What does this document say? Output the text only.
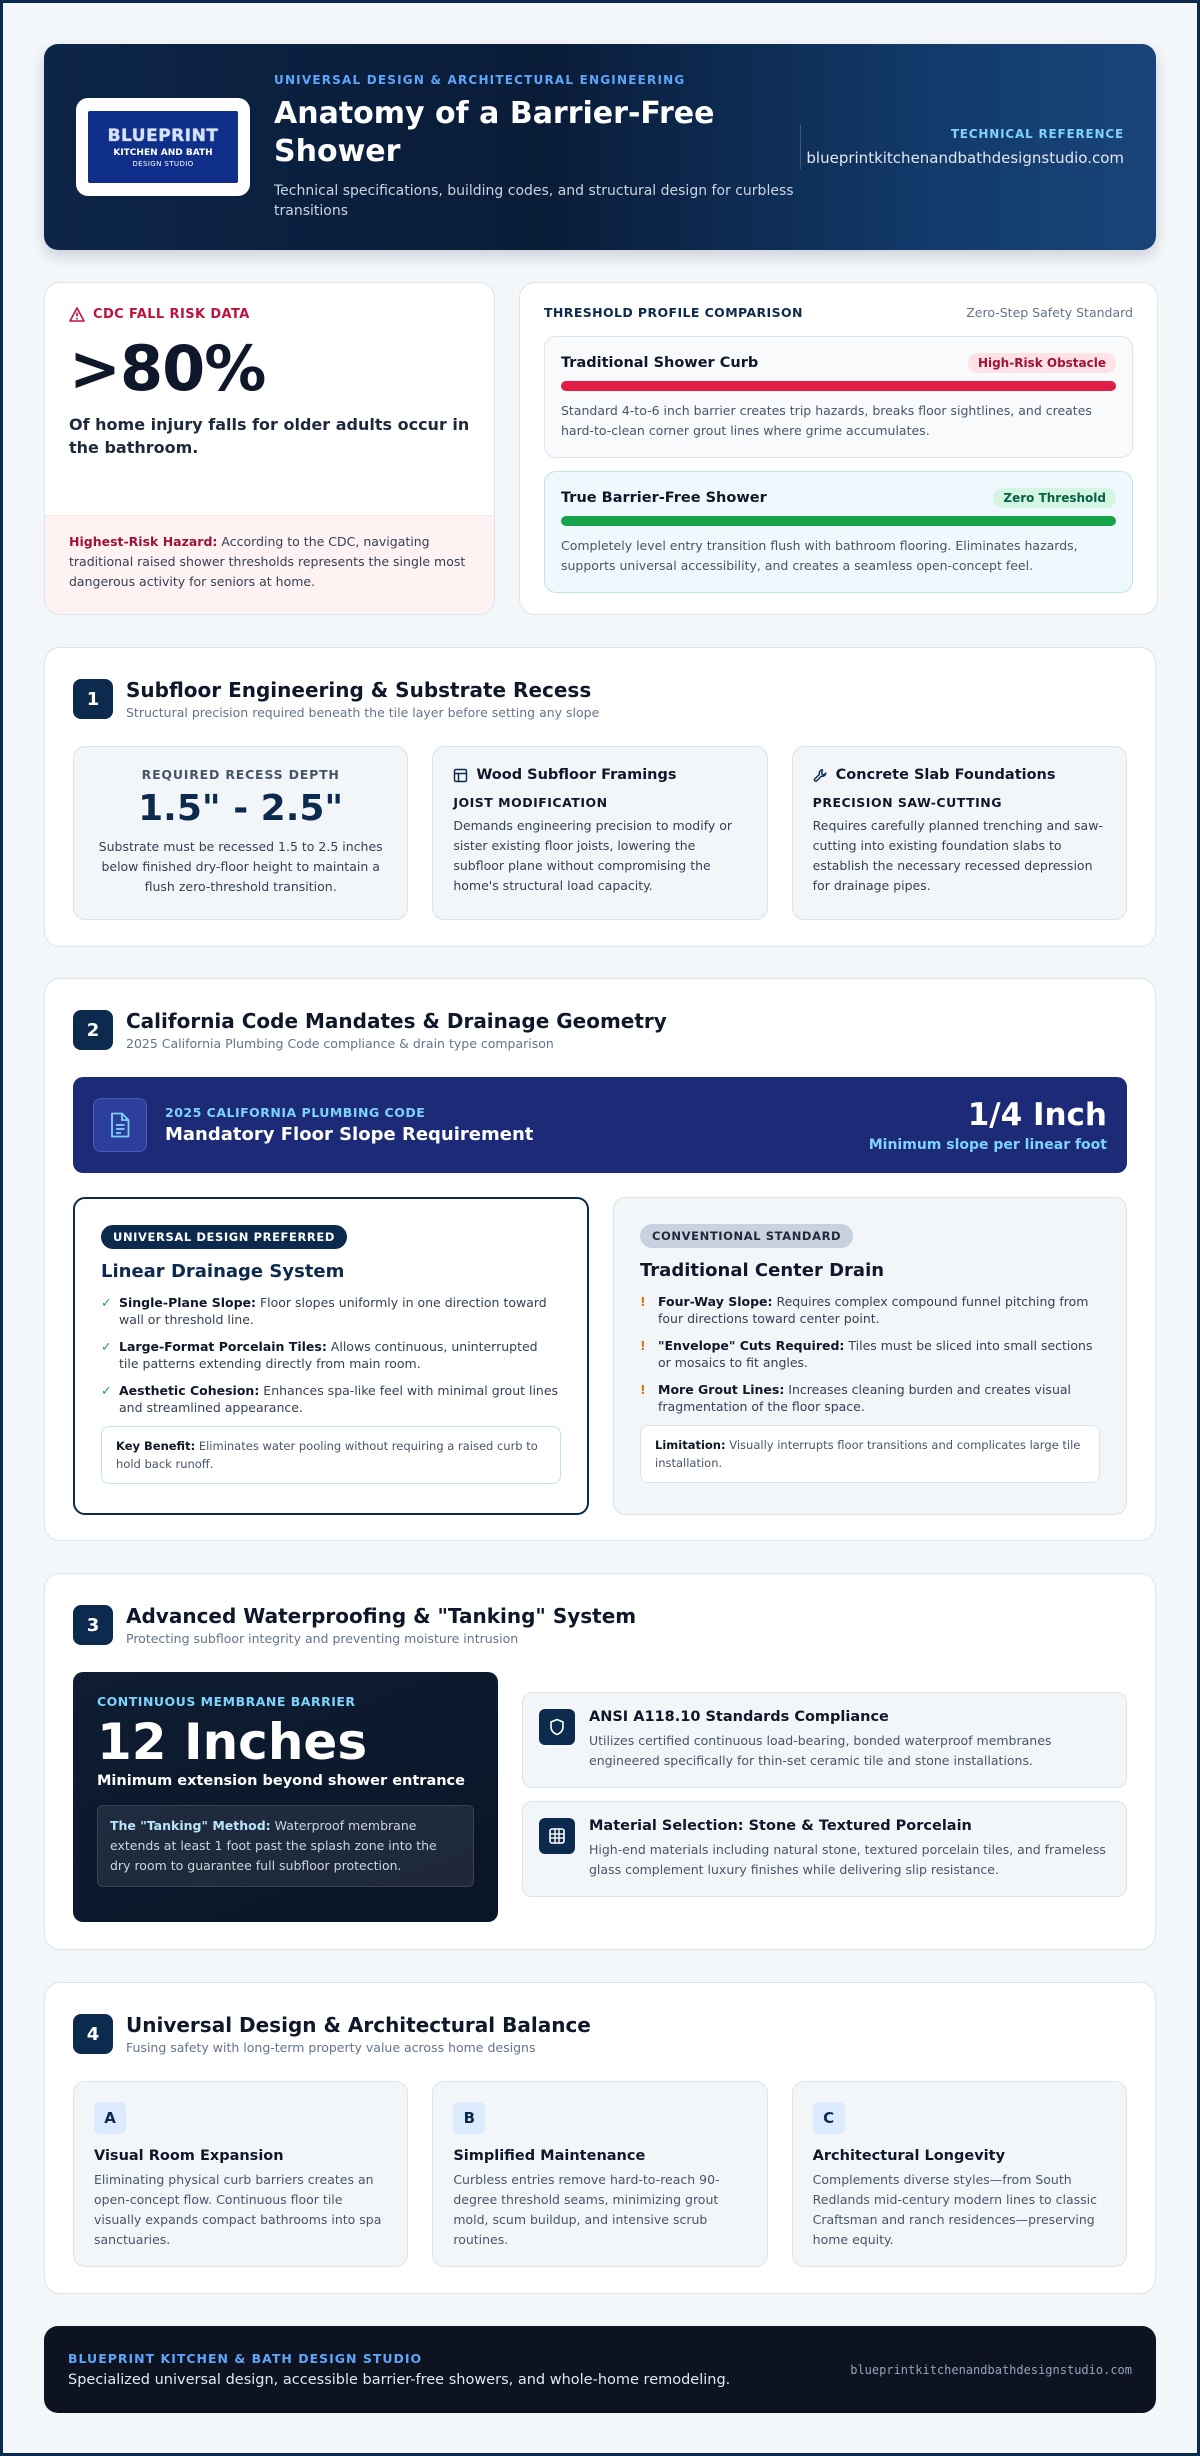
BLUEPRINT
KITCHEN AND BATH
DESIGN STUDIO
UNIVERSAL DESIGN & ARCHITECTURAL ENGINEERING
Anatomy of a Barrier-Free Shower
Technical specifications, building codes, and structural design for curbless transitions
TECHNICAL REFERENCE
blueprintkitchenandbathdesignstudio.com
CDC FALL RISK DATA
>80%
Of home injury falls for older adults occur in the bathroom.
Highest-Risk Hazard: According to the CDC, navigating traditional raised shower thresholds represents the single most dangerous activity for seniors at home.
THRESHOLD PROFILE COMPARISON	Zero-Step Safety Standard
Traditional Shower Curb	High-Risk Obstacle
Standard 4-to-6 inch barrier creates trip hazards, breaks floor sightlines, and creates hard-to-clean corner grout lines where grime accumulates.
True Barrier-Free Shower	Zero Threshold
Completely level entry transition flush with bathroom flooring. Eliminates hazards, supports universal accessibility, and creates a seamless open-concept feel.
1	Subfloor Engineering & Substrate Recess
Structural precision required beneath the tile layer before setting any slope
REQUIRED RECESS DEPTH
1.5" - 2.5"
Substrate must be recessed 1.5 to 2.5 inches below finished dry-floor height to maintain a flush zero-threshold transition.
Wood Subfloor Framings
JOIST MODIFICATION
Demands engineering precision to modify or sister existing floor joists, lowering the subfloor plane without compromising the home's structural load capacity.
Concrete Slab Foundations
PRECISION SAW-CUTTING
Requires carefully planned trenching and saw-cutting into existing foundation slabs to establish the necessary recessed depression for drainage pipes.
2	California Code Mandates & Drainage Geometry
2025 California Plumbing Code compliance & drain type comparison
2025 CALIFORNIA PLUMBING CODE
Mandatory Floor Slope Requirement
1/4 Inch
Minimum slope per linear foot
UNIVERSAL DESIGN PREFERRED
Linear Drainage System
✓ Single-Plane Slope: Floor slopes uniformly in one direction toward wall or threshold line.
✓ Large-Format Porcelain Tiles: Allows continuous, uninterrupted tile patterns extending directly from main room.
✓ Aesthetic Cohesion: Enhances spa-like feel with minimal grout lines and streamlined appearance.
Key Benefit: Eliminates water pooling without requiring a raised curb to hold back runoff.
CONVENTIONAL STANDARD
Traditional Center Drain
! Four-Way Slope: Requires complex compound funnel pitching from four directions toward center point.
! "Envelope" Cuts Required: Tiles must be sliced into small sections or mosaics to fit angles.
! More Grout Lines: Increases cleaning burden and creates visual fragmentation of the floor space.
Limitation: Visually interrupts floor transitions and complicates large tile installation.
3	Advanced Waterproofing & "Tanking" System
Protecting subfloor integrity and preventing moisture intrusion
CONTINUOUS MEMBRANE BARRIER
12 Inches
Minimum extension beyond shower entrance
The "Tanking" Method: Waterproof membrane extends at least 1 foot past the splash zone into the dry room to guarantee full subfloor protection.
ANSI A118.10 Standards Compliance
Utilizes certified continuous load-bearing, bonded waterproof membranes engineered specifically for thin-set ceramic tile and stone installations.
Material Selection: Stone & Textured Porcelain
High-end materials including natural stone, textured porcelain tiles, and frameless glass complement luxury finishes while delivering slip resistance.
4	Universal Design & Architectural Balance
Fusing safety with long-term property value across home designs
A
Visual Room Expansion
Eliminating physical curb barriers creates an open-concept flow. Continuous floor tile visually expands compact bathrooms into spa sanctuaries.
B
Simplified Maintenance
Curbless entries remove hard-to-reach 90-degree threshold seams, minimizing grout mold, scum buildup, and intensive scrub routines.
C
Architectural Longevity
Complements diverse styles—from South Redlands mid-century modern lines to classic Craftsman and ranch residences—preserving home equity.
BLUEPRINT KITCHEN & BATH DESIGN STUDIO
Specialized universal design, accessible barrier-free showers, and whole-home remodeling.
blueprintkitchenandbathdesignstudio.com
